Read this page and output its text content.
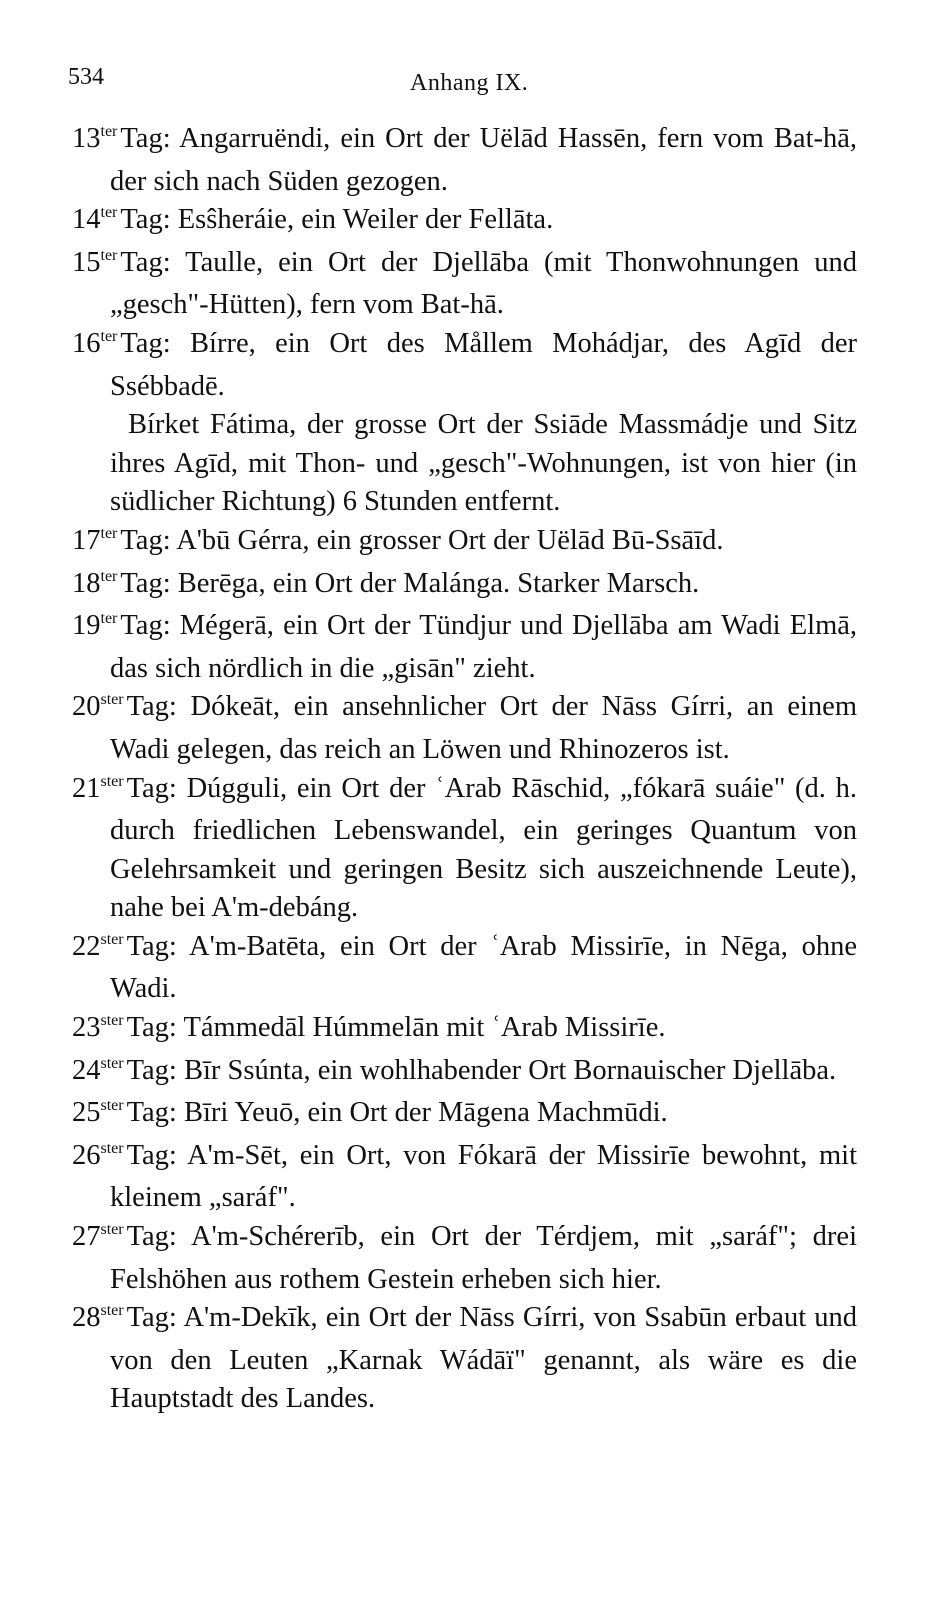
534	Anhang IX.

$13^{ter}$ Tag: Angarruëndi, ein Ort der Uëlād Hassēn, fern vom Bat-hā, der sich nach Süden gezogen.

$14^{ter}$ Tag: Esŝheráie, ein Weiler der Fellāta.

$15^{ter}$ Tag: Taulle, ein Ort der Djellāba (mit Thonwohnungen und „gesch"-Hütten), fern vom Bat-hā.

$16^{ter}$ Tag: Bírre, ein Ort des Mållem Mohádjar, des Agīd der Ssébbadē.

Bírket Fátima, der grosse Ort der Ssiāde Massmádje und Sitz ihres Agīd, mit Thon- und „gesch"-Wohnungen, ist von hier (in südlicher Richtung) 6 Stunden entfernt.

$17^{ter}$ Tag: A'bū Gérra, ein grosser Ort der Uëlād Bū-Ssāīd.

$18^{ter}$ Tag: Berēga, ein Ort der Malánga. Starker Marsch.

$19^{ter}$ Tag: Mégerā, ein Ort der Tündjur und Djellāba am Wadi Elmā, das sich nördlich in die „gisān" zieht.

$20^{ster}$ Tag: Dókeāt, ein ansehnlicher Ort der Nāss Gírri, an einem Wadi gelegen, das reich an Löwen und Rhinozeros ist.

$21^{ster}$ Tag: Dúgguli, ein Ort der ʿArab Rāschid, „fókarā suáie" (d. h. durch friedlichen Lebenswandel, ein geringes Quantum von Gelehrsamkeit und geringen Besitz sich auszeichnende Leute), nahe bei A'm-debáng.

$22^{ster}$ Tag: A'm-Batēta, ein Ort der ʿArab Missirīe, in Nēga, ohne Wadi.

$23^{ster}$ Tag: Támmedāl Húmmelān mit ʿArab Missirīe.

$24^{ster}$ Tag: Bīr Ssúnta, ein wohlhabender Ort Bornauischer Djellāba.

$25^{ster}$ Tag: Bīri Yeuō, ein Ort der Māgena Machmūdi.

$26^{ster}$ Tag: A'm-Sēt, ein Ort, von Fókarā der Missirīe bewohnt, mit kleinem „saráf".

$27^{ster}$ Tag: A'm-Schérerīb, ein Ort der Térdjem, mit „saráf"; drei Felshöhen aus rothem Gestein erheben sich hier.

$28^{ster}$ Tag: A'm-Dekīk, ein Ort der Nāss Gírri, von Ssabūn erbaut und von den Leuten „Karnak Wádāï" genannt, als wäre es die Hauptstadt des Landes.
